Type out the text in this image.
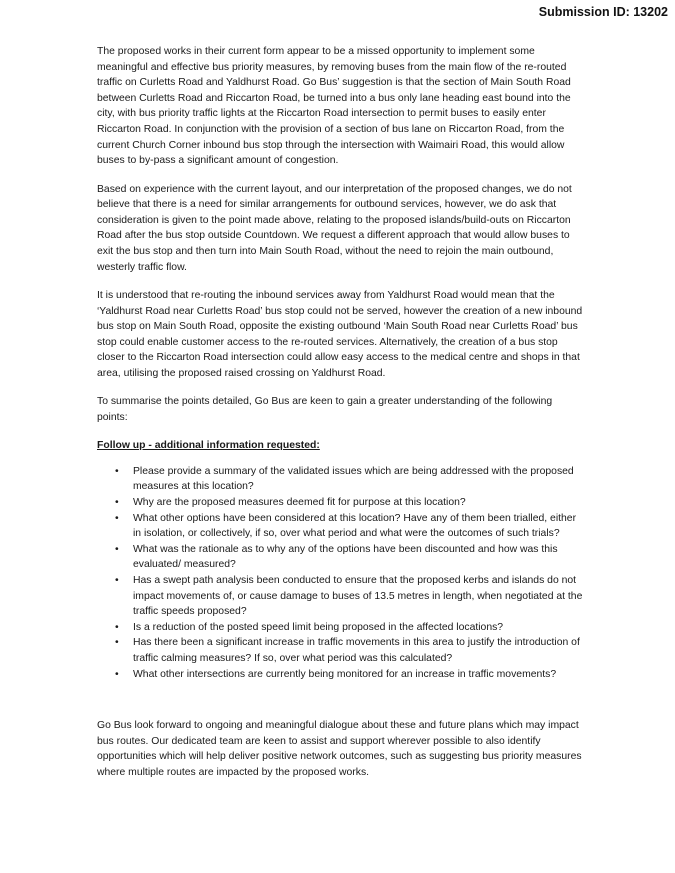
Submission ID: 13202

The proposed works in their current form appear to be a missed opportunity to implement some meaningful and effective bus priority measures, by removing buses from the main flow of the re-routed traffic on Curletts Road and Yaldhurst Road. Go Bus’ suggestion is that the section of Main South Road between Curletts Road and Riccarton Road, be turned into a bus only lane heading east bound into the city, with bus priority traffic lights at the Riccarton Road intersection to permit buses to easily enter Riccarton Road. In conjunction with the provision of a section of bus lane on Riccarton Road, from the current Church Corner inbound bus stop through the intersection with Waimairi Road, this would allow buses to by-pass a significant amount of congestion.

Based on experience with the current layout, and our interpretation of the proposed changes, we do not believe that there is a need for similar arrangements for outbound services, however, we do ask that consideration is given to the point made above, relating to the proposed islands/build-outs on Riccarton Road after the bus stop outside Countdown. We request a different approach that would allow buses to exit the bus stop and then turn into Main South Road, without the need to rejoin the main outbound, westerly traffic flow.

It is understood that re-routing the inbound services away from Yaldhurst Road would mean that the ‘Yaldhurst Road near Curletts Road’ bus stop could not be served, however the creation of a new inbound bus stop on Main South Road, opposite the existing outbound ‘Main South Road near Curletts Road’ bus stop could enable customer access to the re-routed services. Alternatively, the creation of a bus stop closer to the Riccarton Road intersection could allow easy access to the medical centre and shops in that area, utilising the proposed raised crossing on Yaldhurst Road.

To summarise the points detailed, Go Bus are keen to gain a greater understanding of the following points:

Follow up - additional information requested:

• Please provide a summary of the validated issues which are being addressed with the proposed measures at this location?
• Why are the proposed measures deemed fit for purpose at this location?
• What other options have been considered at this location? Have any of them been trialled, either in isolation, or collectively, if so, over what period and what were the outcomes of such trials?
• What was the rationale as to why any of the options have been discounted and how was this evaluated/ measured?
• Has a swept path analysis been conducted to ensure that the proposed kerbs and islands do not impact movements of, or cause damage to buses of 13.5 metres in length, when negotiated at the traffic speeds proposed?
• Is a reduction of the posted speed limit being proposed in the affected locations?
• Has there been a significant increase in traffic movements in this area to justify the introduction of traffic calming measures? If so, over what period was this calculated?
• What other intersections are currently being monitored for an increase in traffic movements?

Go Bus look forward to ongoing and meaningful dialogue about these and future plans which may impact bus routes. Our dedicated team are keen to assist and support wherever possible to also identify opportunities which will help deliver positive network outcomes, such as suggesting bus priority measures where multiple routes are impacted by the proposed works.
